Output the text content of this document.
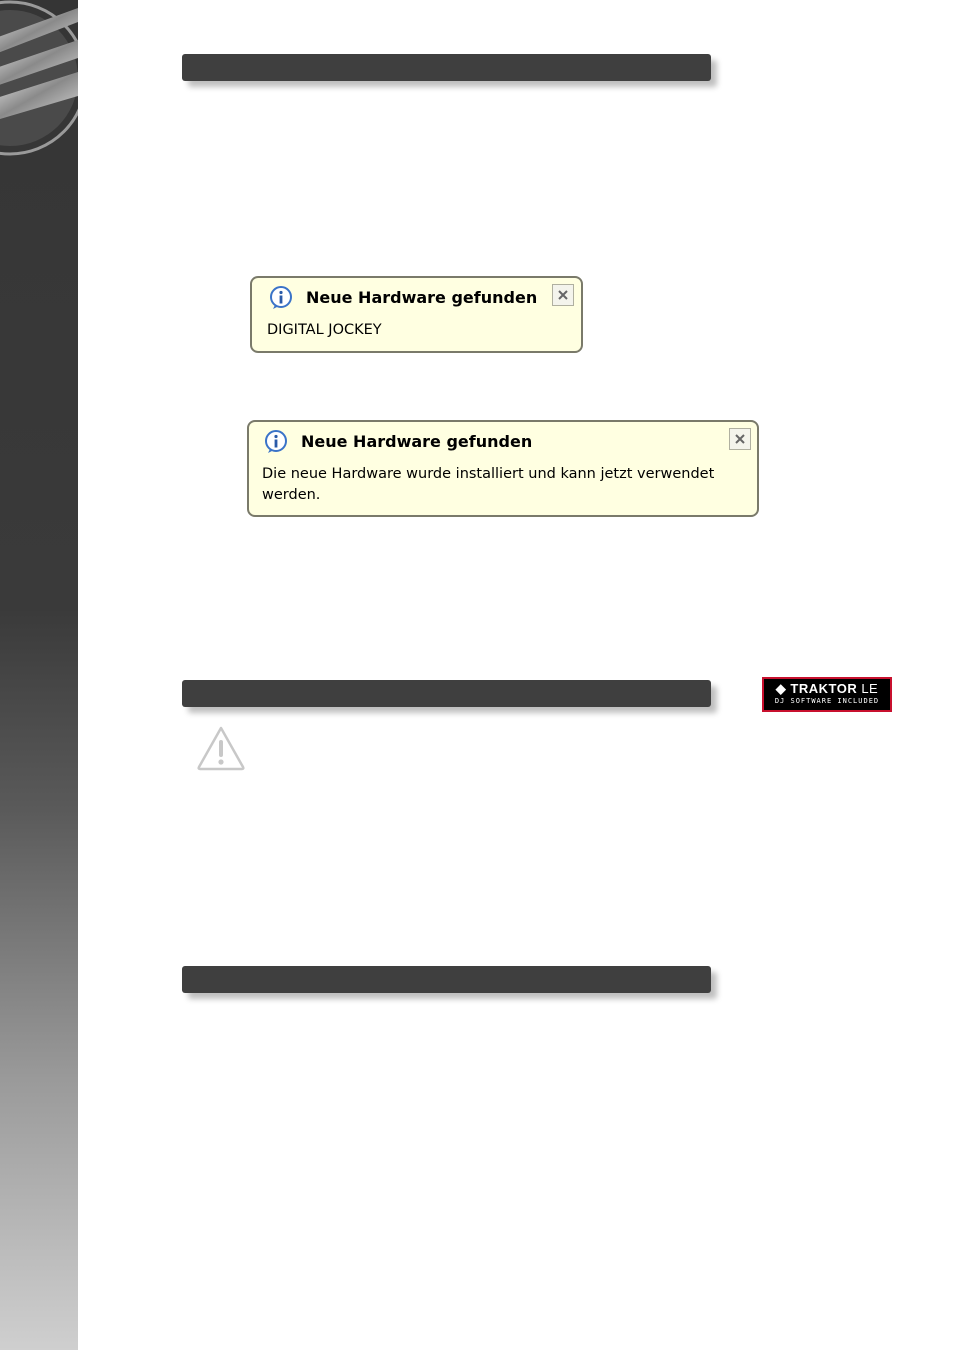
Neue Hardware gefunden
DIGITAL JOCKEY
Neue Hardware gefunden
Die neue Hardware wurde installiert und kann jetzt verwendet werden.
◆ TRAKTOR LE
DJ SOFTWARE INCLUDED
